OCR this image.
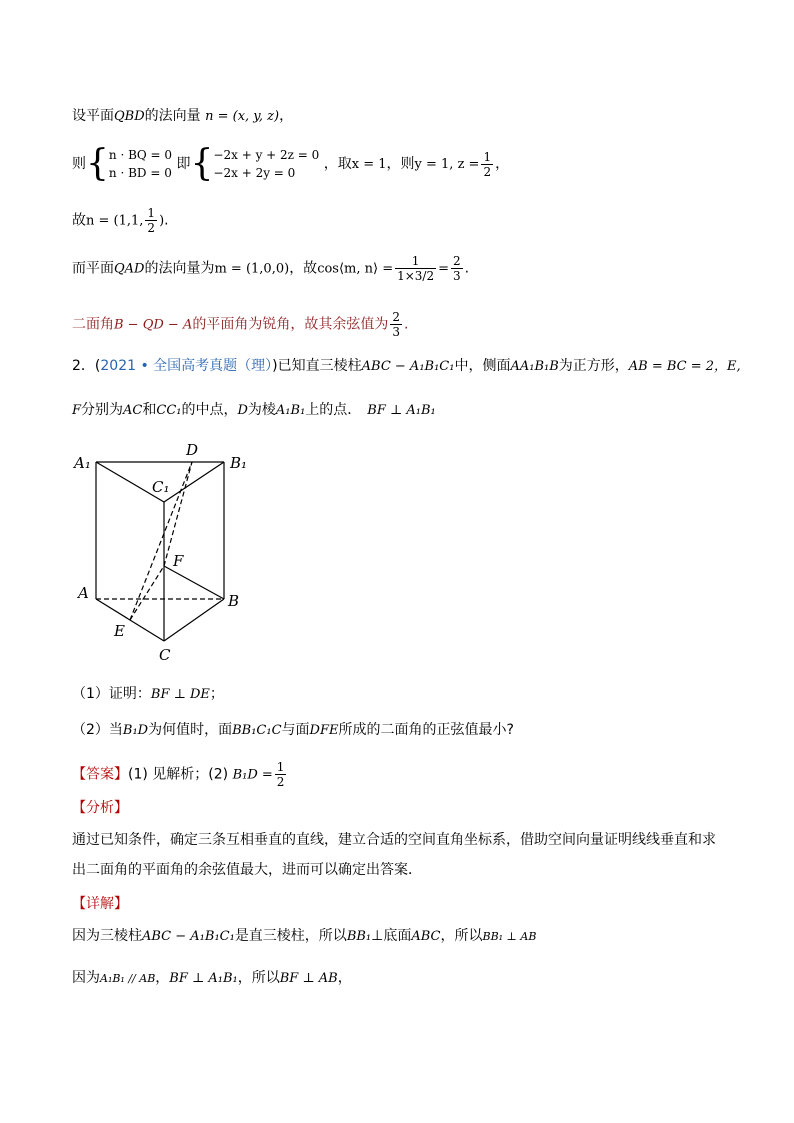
设平面QBD的法向量 n = (x, y, z)，
则{ n · BQ = 0
n · BD = 0
即{ −2x + y + 2z = 0
−2x + 2y = 0
，取x = 1，则y = 1, $z = \frac{1}{2}$ ，
故n = (1,1, $\frac{1}{2}$ ).
而平面QAD的法向量为m = (1,0,0)，故cos⟨m, n⟩ = $\frac{1}{1\times 3/2} = \frac{2}{3}$ .
二面角B − QD − A的平面角为锐角，故其余弦值为 $\frac{2}{3}$ .
2．(2021 • 全国高考真题（理）)已知直三棱柱ABC − A₁B₁C₁中，侧面AA₁B₁B为正方形，AB = BC = 2，E,
F分别为AC和CC₁的中点，D为棱A₁B₁上的点． BF ⊥ A₁B₁
A₁
D
B₁
C₁
F
A	B
E
C
（1）证明：BF ⊥ DE；
（2）当B₁D为何值时，面BB₁C₁C与面DFE所成的二面角的正弦值最小?
【答案】(1) 见解析；(2) $B_1D = \frac{1}{2}$
【分析】
通过已知条件，确定三条互相垂直的直线，建立合适的空间直角坐标系，借助空间向量证明线线垂直和求出二面角的平面角的余弦值最大，进而可以确定出答案．
【详解】
因为三棱柱ABC − A₁B₁C₁是直三棱柱，所以BB₁⊥底面ABC，所以BB₁ ⊥ AB
因为A₁B₁ // AB，BF ⊥ A₁B₁，所以BF ⊥ AB，
